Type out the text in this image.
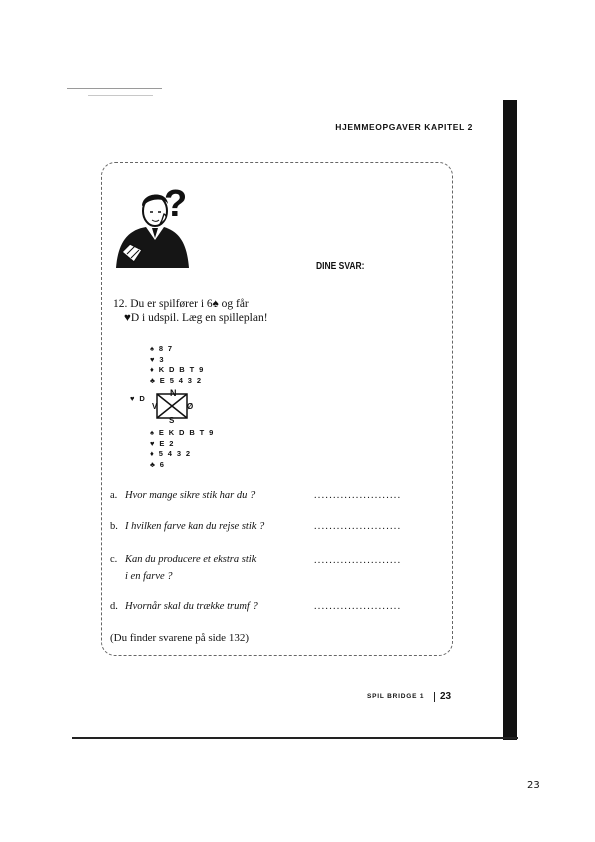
HJEMMEOPGAVER KAPITEL 2
?
DINE SVAR:
12. Du er spilfører i 6♠ og får
♥D i udspil. Læg en spilleplan!
♠ 8 7
♥ 3
♦ K D B T 9
♣ E 5 4 3 2
♥ D
N
V	Ø
S
♠ E K D B T 9
♥ E 2
♦ 5 4 3 2
♣ 6
a. Hvor mange sikre stik har du ?	.......................
b. I hvilken farve kan du rejse stik ?	.......................
c. Kan du producere et ekstra stik
i en farve ?
.......................
d. Hvornår skal du trække trumf ?	.......................
(Du finder svarene på side 132)
SPIL BRIDGE 1 23
23
